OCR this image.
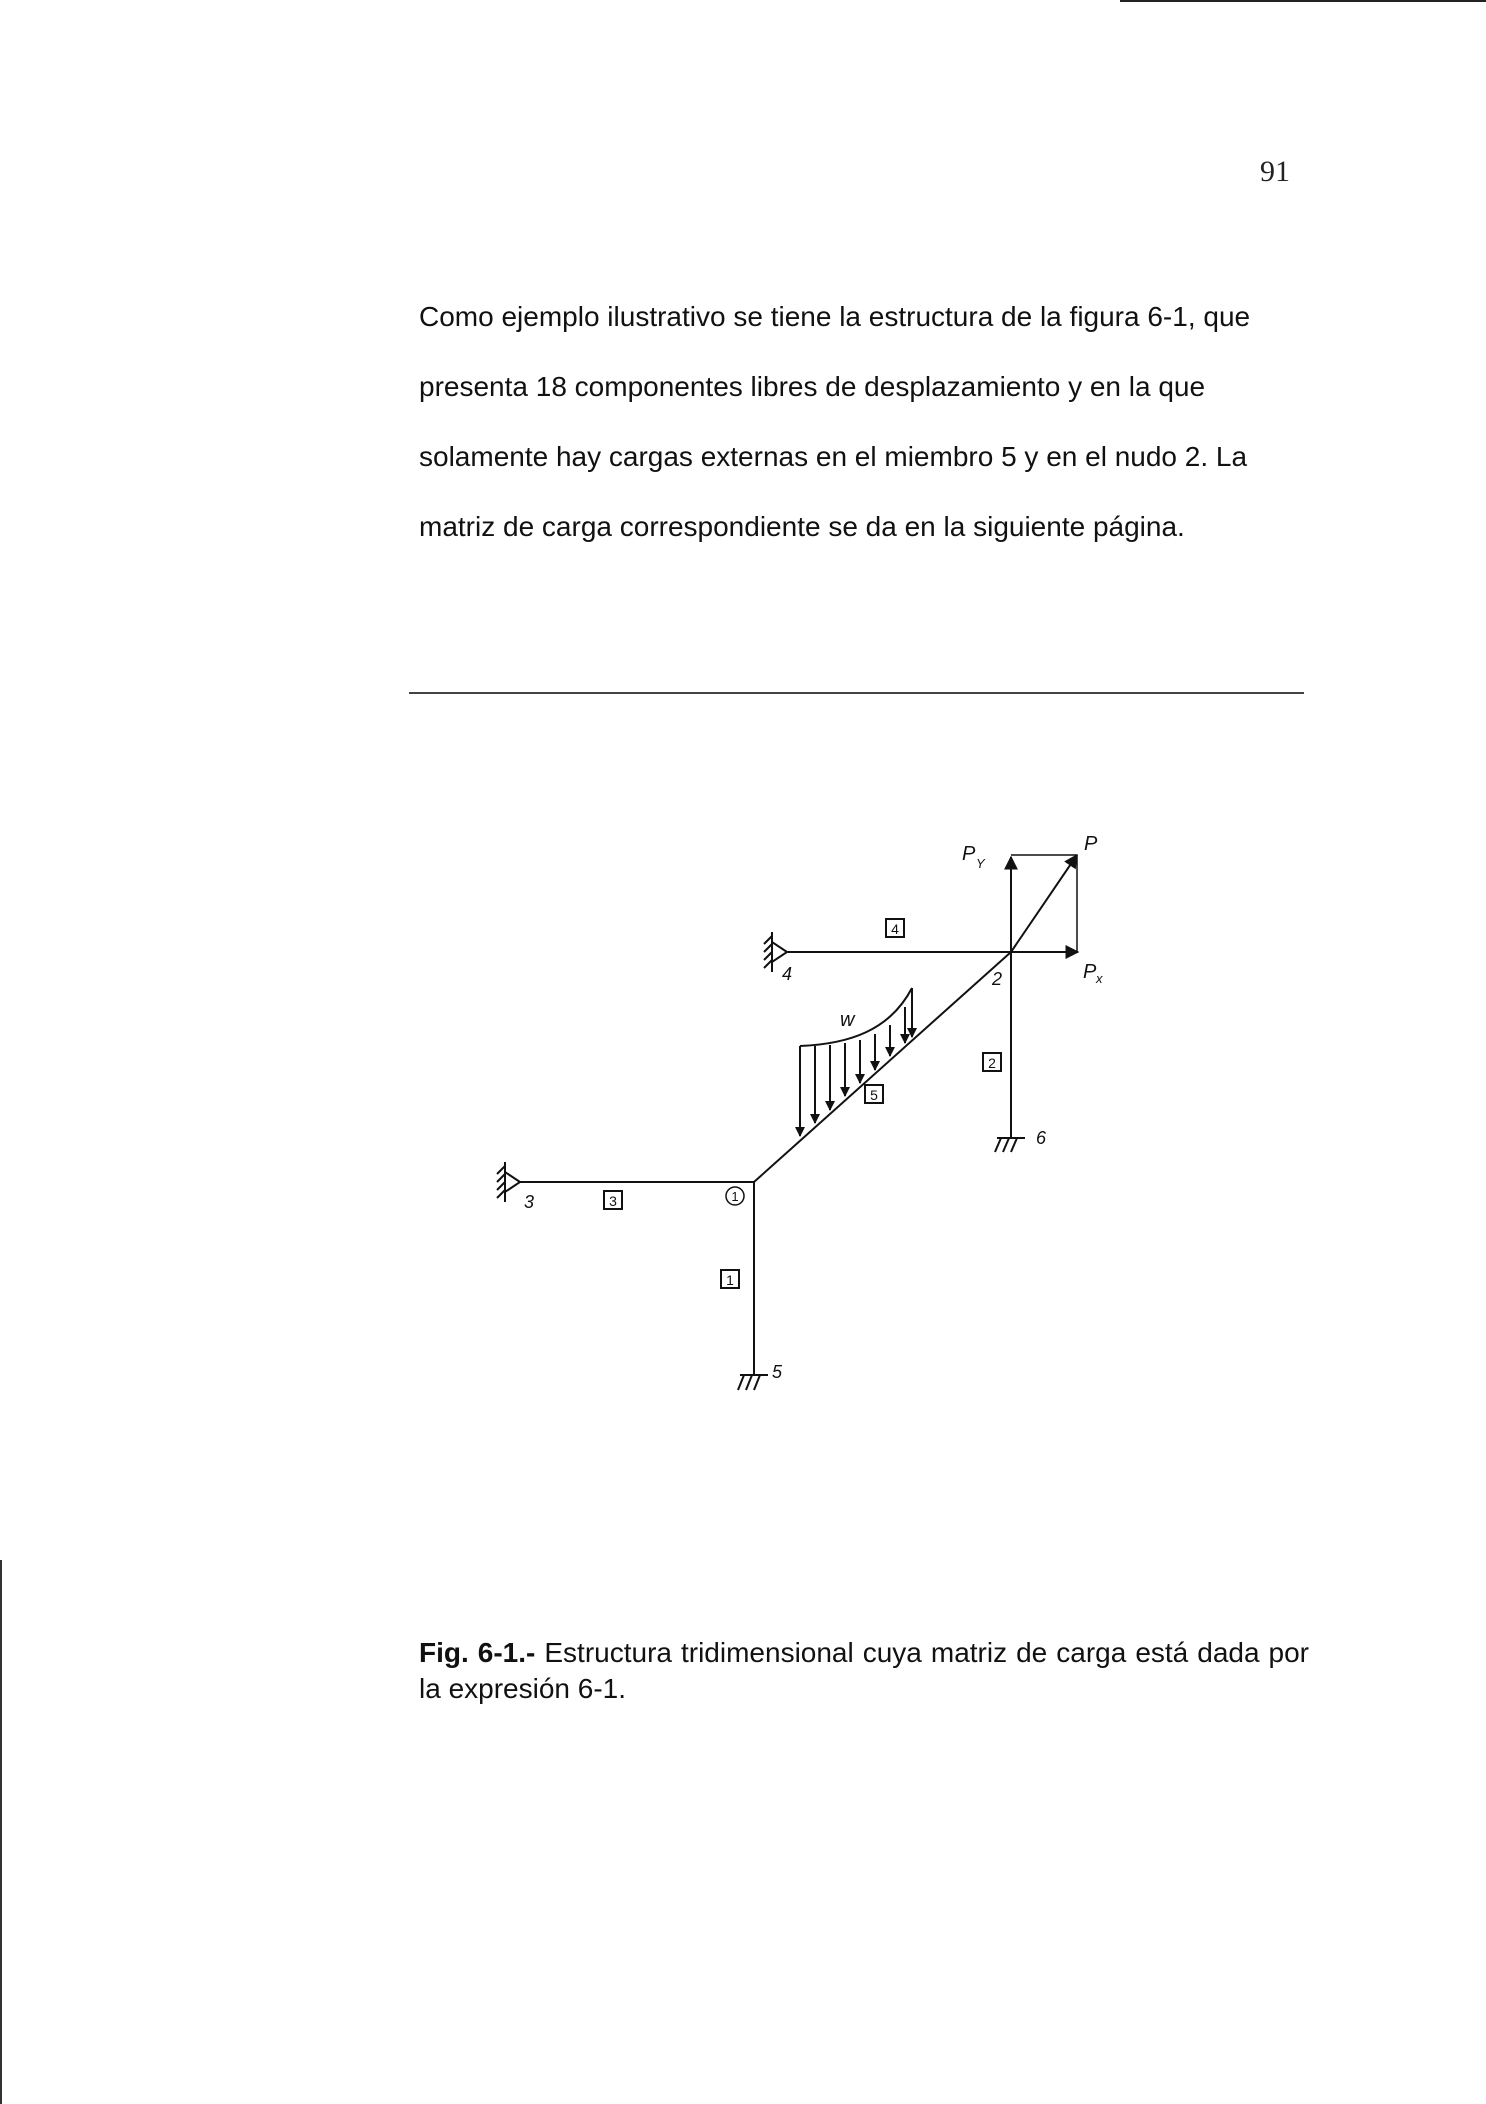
91

Como ejemplo ilustrativo se tiene la estructura de la figura 6-1, que

presenta 18 componentes libres de desplazamiento y en la que

solamente hay cargas externas en el miembro 5 y en el nudo 2. La

matriz de carga correspondiente se da en la siguiente página.

1
2
3
4
5
1
2
3
4
5
6
w
P
P Y
P x
Fig. 6-1.- Estructura tridimensional cuya matriz de carga está dada por la expresión 6-1.
